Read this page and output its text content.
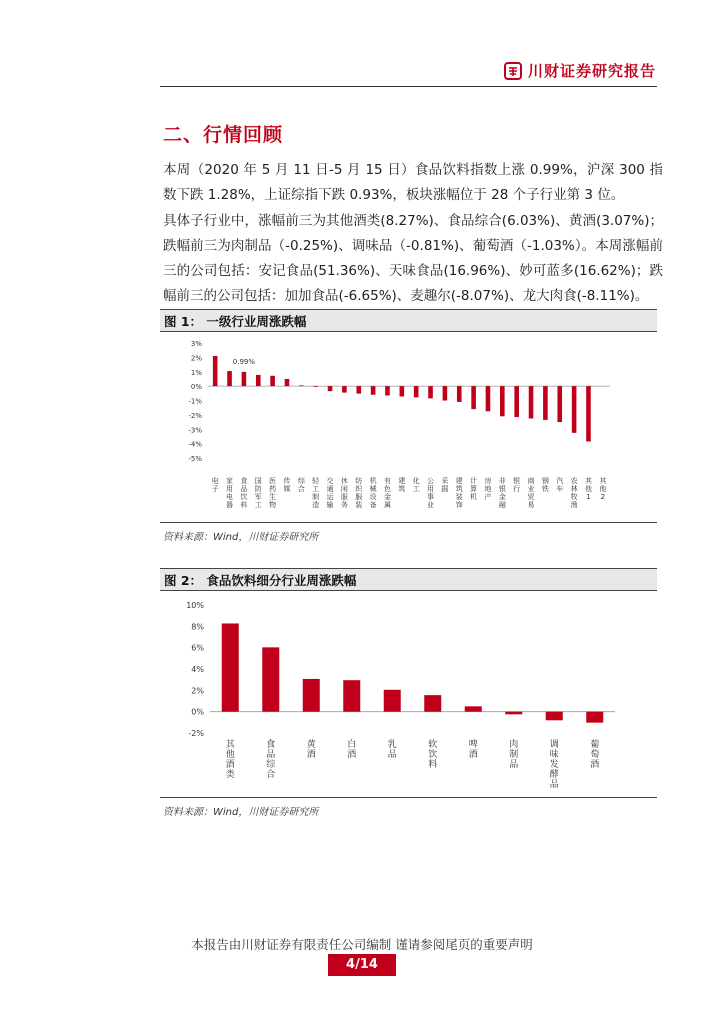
川财证券研究报告
二、行情回顾
本周（2020 年 5 月 11 日-5 月 15 日）食品饮料指数上涨 0.99%，沪深 300 指数下跌 1.28%，上证综指下跌 0.93%，板块涨幅位于 28 个子行业第 3 位。
具体子行业中，涨幅前三为其他酒类(8.27%)、食品综合(6.03%)、黄酒(3.07%)；跌幅前三为肉制品（-0.25%)、调味品（-0.81%)、葡萄酒（-1.03%）。本周涨幅前三的公司包括：安记食品(51.36%)、天味食品(16.96%)、妙可蓝多(16.62%)；跌幅前三的公司包括：加加食品(-6.65%)、麦趣尔(-8.07%)、龙大肉食(-8.11%)。
图 1： 一级行业周涨跌幅
3%
2%
1%
0%
-1%
-2%
-3%
-4%
-5%
电子
家用电器
食品饮料
国防军工
医药生物
传媒
综合
轻工制造
交通运输
休闲服务
纺织服装
机械设备
有色金属
建筑
化工
公用事业
采掘
建筑装饰
计算机
房地产
非银金融
银行
商业贸易
钢铁
汽车
农林牧渔
其他 1
其他 2
0.99%
资料来源：Wind，川财证券研究所
图 2： 食品饮料细分行业周涨跌幅
10%
8%
6%
4%
2%
0%
-2%
其他酒类
食品综合
黄酒
白酒
乳品
软饮料
啤酒
肉制品
调味发酵品
葡萄酒
资料来源：Wind，川财证券研究所
本报告由川财证券有限责任公司编制 谨请参阅尾页的重要声明
4/14
